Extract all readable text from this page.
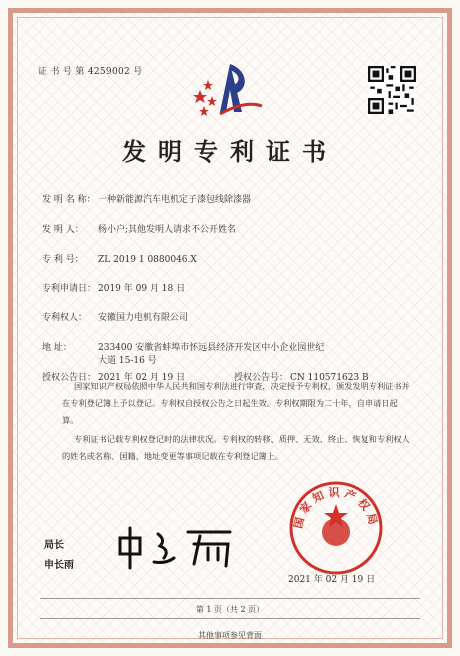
证 书 号 第 4259002 号
发明专利证书
发 明 名 称： 一种新能源汽车电机定子漆包线除漆器
发 明 人： 杨小户;其他发明人请求不公开姓名
专 利 号： ZL 2019 1 0880046.X
专利申请日： 2019 年 09 月 18 日
专利权人： 安徽国力电机有限公司
地 址：	233400 安徽省蚌埠市怀远县经济开发区中小企业园世纪
大道 15-16 号
授权公告日： 2021 年 02 月 19 日	授权公告号： CN 110571623 B
国家知识产权局依照中华人民共和国专利法进行审查，决定授予专利权，颁发发明专利证书并在专利登记簿上予以登记。专利权自授权公告之日起生效。专利权期限为二十年，自申请日起算。
专利证书记载专利权登记时的法律状况。专利权的转移、质押、无效、终止、恢复和专利权人的姓名或名称、国籍、地址变更等事项记载在专利登记簿上。
局长
申长雨
国家知识产权局
2021 年 02 月 19 日
第 1 页（共 2 页）
其他事项参见背面
